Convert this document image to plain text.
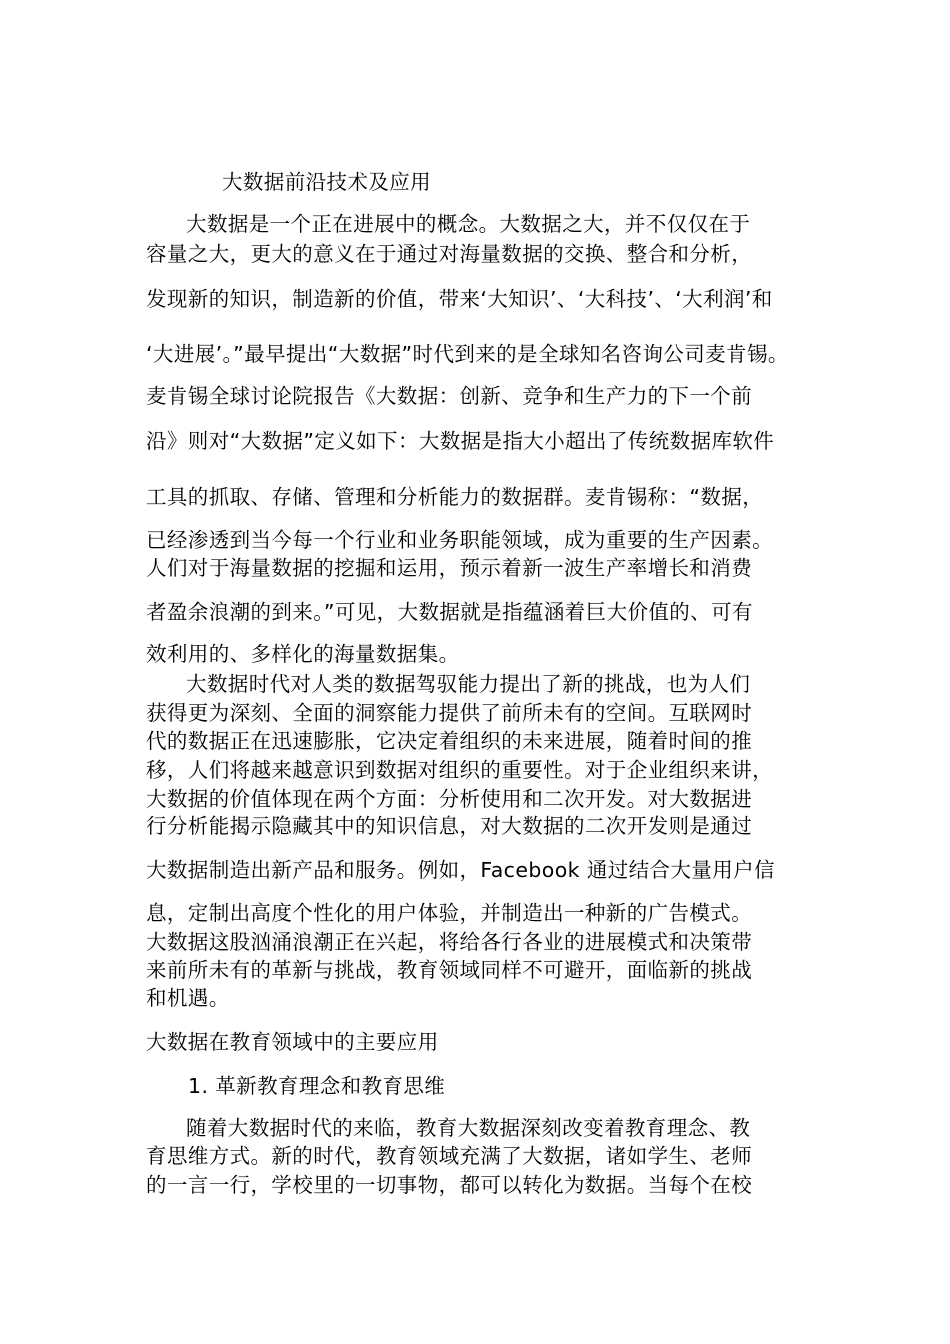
大数据前沿技术及应用
大数据是一个正在进展中的概念。大数据之大，并不仅仅在于
容量之大，更大的意义在于通过对海量数据的交换、整合和分析，
发现新的知识，制造新的价值，带来‘大知识’、‘大科技’、‘大利润’和
‘大进展’。”最早提出“大数据”时代到来的是全球知名咨询公司麦肯锡。
麦肯锡全球讨论院报告《大数据：创新、竞争和生产力的下一个前
沿》则对“大数据”定义如下：大数据是指大小超出了传统数据库软件
工具的抓取、存储、管理和分析能力的数据群。麦肯锡称：“数据，
已经渗透到当今每一个行业和业务职能领域，成为重要的生产因素。
人们对于海量数据的挖掘和运用，预示着新一波生产率增长和消费
者盈余浪潮的到来。”可见，大数据就是指蕴涵着巨大价值的、可有
效利用的、多样化的海量数据集。
大数据时代对人类的数据驾驭能力提出了新的挑战，也为人们
获得更为深刻、全面的洞察能力提供了前所未有的空间。互联网时
代的数据正在迅速膨胀，它决定着组织的未来进展，随着时间的推
移，人们将越来越意识到数据对组织的重要性。对于企业组织来讲，
大数据的价值体现在两个方面：分析使用和二次开发。对大数据进
行分析能揭示隐藏其中的知识信息，对大数据的二次开发则是通过
大数据制造出新产品和服务。例如，Facebook 通过结合大量用户信
息，定制出高度个性化的用户体验，并制造出一种新的广告模式。
大数据这股汹涌浪潮正在兴起，将给各行各业的进展模式和决策带
来前所未有的革新与挑战，教育领域同样不可避开，面临新的挑战
和机遇。
大数据在教育领域中的主要应用
1. 革新教育理念和教育思维
随着大数据时代的来临，教育大数据深刻改变着教育理念、教
育思维方式。新的时代，教育领域充满了大数据，诸如学生、老师
的一言一行，学校里的一切事物，都可以转化为数据。当每个在校
